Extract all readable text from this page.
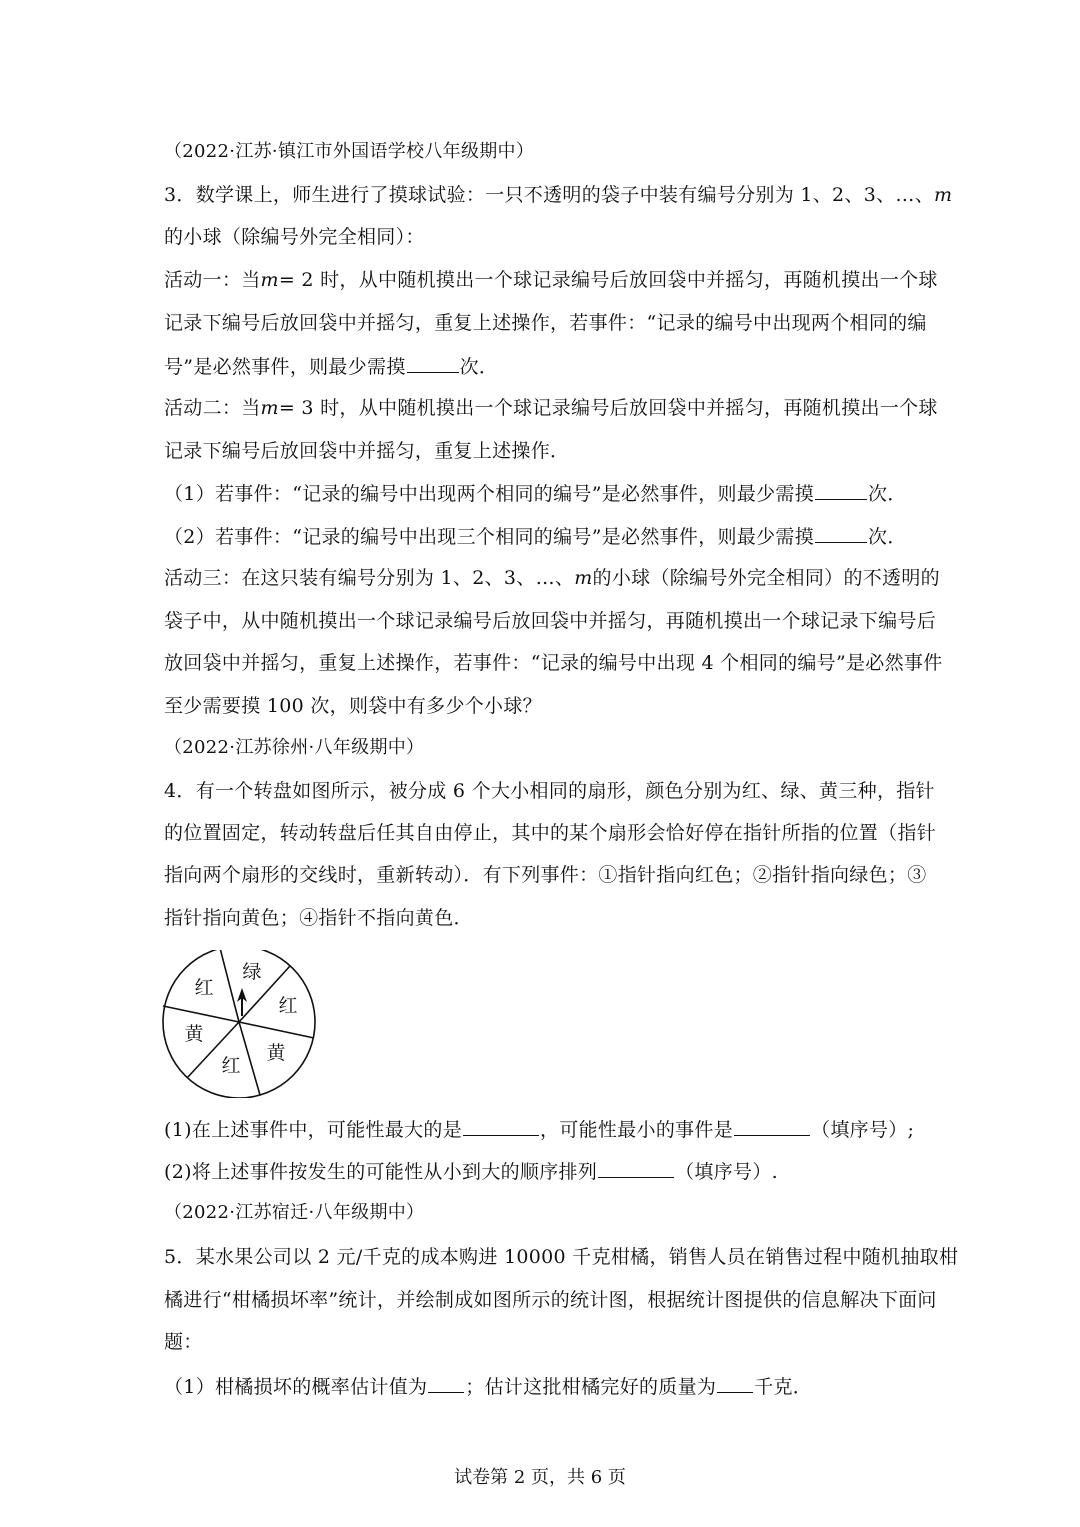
（2022·江苏·镇江市外国语学校八年级期中）
3．数学课上，师生进行了摸球试验：一只不透明的袋子中装有编号分别为 1、2、3、…、m
的小球（除编号外完全相同）：
活动一：当m= 2 时，从中随机摸出一个球记录编号后放回袋中并摇匀，再随机摸出一个球
记录下编号后放回袋中并摇匀，重复上述操作，若事件：“记录的编号中出现两个相同的编
号”是必然事件，则最少需摸	次．
活动二：当m= 3 时，从中随机摸出一个球记录编号后放回袋中并摇匀，再随机摸出一个球
记录下编号后放回袋中并摇匀，重复上述操作．
（1）若事件：“记录的编号中出现两个相同的编号”是必然事件，则最少需摸	次．
（2）若事件：“记录的编号中出现三个相同的编号”是必然事件，则最少需摸	次．
活动三：在这只装有编号分别为 1、2、3、…、m的小球（除编号外完全相同）的不透明的
袋子中，从中随机摸出一个球记录编号后放回袋中并摇匀，再随机摸出一个球记录下编号后
放回袋中并摇匀，重复上述操作，若事件：“记录的编号中出现 4 个相同的编号”是必然事件
至少需要摸 100 次，则袋中有多少个小球？
（2022·江苏徐州·八年级期中）
4．有一个转盘如图所示，被分成 6 个大小相同的扇形，颜色分别为红、绿、黄三种，指针
的位置固定，转动转盘后任其自由停止，其中的某个扇形会恰好停在指针所指的位置（指针
指向两个扇形的交线时，重新转动）．有下列事件：①指针指向红色；②指针指向绿色；③
指针指向黄色；④指针不指向黄色．
绿
红
黄
红
黄
红
(1)在上述事件中，可能性最大的是	，可能性最小的事件是	（填序号）;
(2)将上述事件按发生的可能性从小到大的顺序排列	（填序号）.
（2022·江苏宿迁·八年级期中）
5．某水果公司以 2 元/千克的成本购进 10000 千克柑橘，销售人员在销售过程中随机抽取柑
橘进行“柑橘损坏率”统计，并绘制成如图所示的统计图，根据统计图提供的信息解决下面问
题：
（1）柑橘损坏的概率估计值为 ；估计这批柑橘完好的质量为 千克．
试卷第 2 页，共 6 页
